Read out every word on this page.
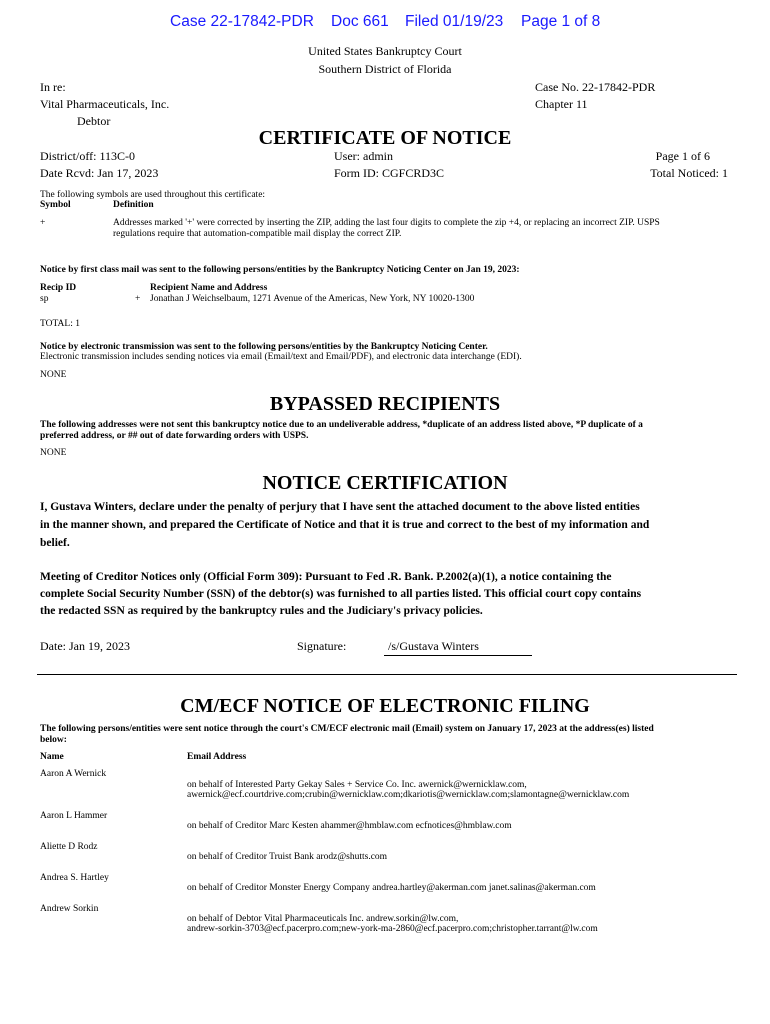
Case 22-17842-PDR Doc 661 Filed 01/19/23 Page 1 of 8
United States Bankruptcy Court
Southern District of Florida
In re:
Vital Pharmaceuticals, Inc.
Debtor
Case No. 22-17842-PDR
Chapter 11
CERTIFICATE OF NOTICE
District/off: 113C-0
Date Rcvd: Jan 17, 2023
User: admin
Form ID: CGFCRD3C
Page 1 of 6
Total Noticed: 1
The following symbols are used throughout this certificate:
Symbol	Definition
+	Addresses marked '+' were corrected by inserting the ZIP, adding the last four digits to complete the zip +4, or replacing an incorrect ZIP. USPS
regulations require that automation-compatible mail display the correct ZIP.
Notice by first class mail was sent to the following persons/entities by the Bankruptcy Noticing Center on Jan 19, 2023:
Recip ID	Recipient Name and Address
sp	+ Jonathan J Weichselbaum, 1271 Avenue of the Americas, New York, NY 10020-1300
TOTAL: 1
Notice by electronic transmission was sent to the following persons/entities by the Bankruptcy Noticing Center.
Electronic transmission includes sending notices via email (Email/text and Email/PDF), and electronic data interchange (EDI).
NONE
BYPASSED RECIPIENTS
The following addresses were not sent this bankruptcy notice due to an undeliverable address, *duplicate of an address listed above, *P duplicate of a
preferred address, or ## out of date forwarding orders with USPS.
NONE
NOTICE CERTIFICATION
I, Gustava Winters, declare under the penalty of perjury that I have sent the attached document to the above listed entities
in the manner shown, and prepared the Certificate of Notice and that it is true and correct to the best of my information and
belief.
Meeting of Creditor Notices only (Official Form 309): Pursuant to Fed .R. Bank. P.2002(a)(1), a notice containing the
complete Social Security Number (SSN) of the debtor(s) was furnished to all parties listed. This official court copy contains
the redacted SSN as required by the bankruptcy rules and the Judiciary's privacy policies.
Date: Jan 19, 2023	Signature:	/s/Gustava Winters
CM/ECF NOTICE OF ELECTRONIC FILING
The following persons/entities were sent notice through the court's CM/ECF electronic mail (Email) system on January 17, 2023 at the address(es) listed
below:
Name	Email Address
Aaron A Wernick
on behalf of Interested Party Gekay Sales + Service Co. Inc. awernick@wernicklaw.com,
awernick@ecf.courtdrive.com;crubin@wernicklaw.com;dkariotis@wernicklaw.com;slamontagne@wernicklaw.com
Aaron L Hammer
on behalf of Creditor Marc Kesten ahammer@hmblaw.com ecfnotices@hmblaw.com
Aliette D Rodz
on behalf of Creditor Truist Bank arodz@shutts.com
Andrea S. Hartley
on behalf of Creditor Monster Energy Company andrea.hartley@akerman.com janet.salinas@akerman.com
Andrew Sorkin
on behalf of Debtor Vital Pharmaceuticals Inc. andrew.sorkin@lw.com,
andrew-sorkin-3703@ecf.pacerpro.com;new-york-ma-2860@ecf.pacerpro.com;christopher.tarrant@lw.com
